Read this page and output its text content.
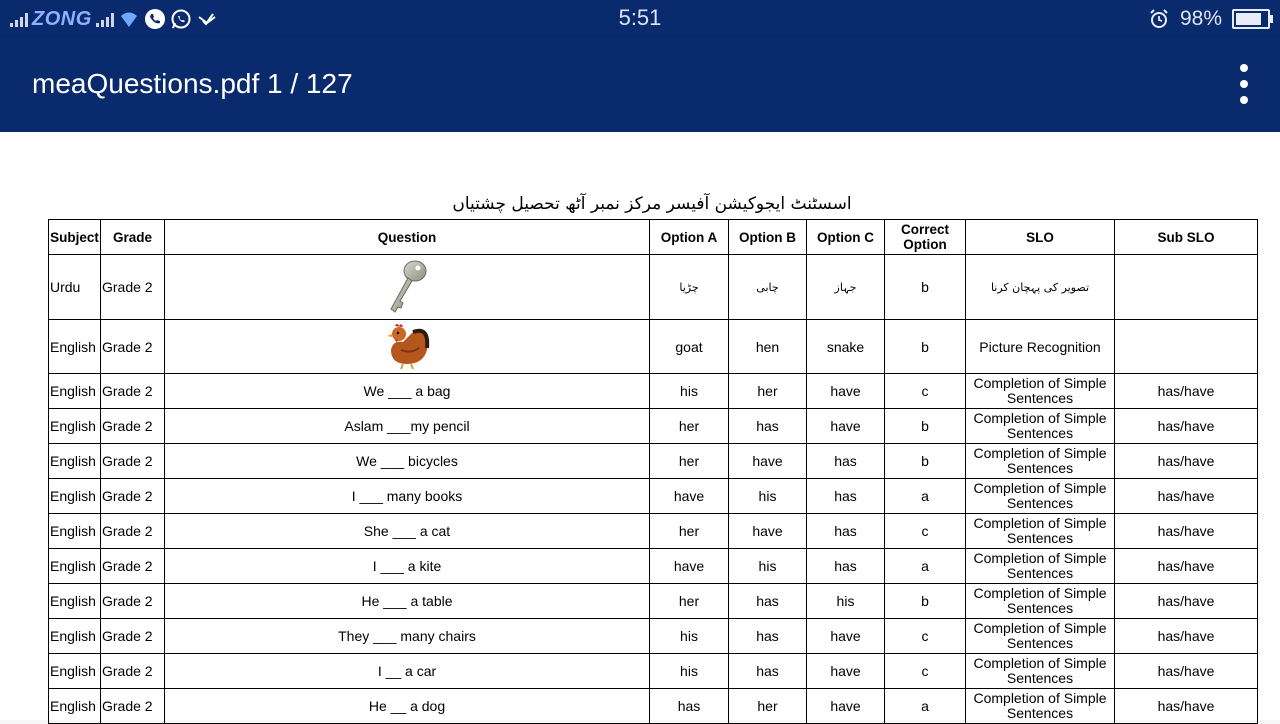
ZONG	5:51	98%
meaQuestions.pdf 1 / 127
اسسٹنٹ ایجوکیشن آفیسر مرکز نمبر آٹھ تحصیل چشتیاں
Subject	Grade	Question	Option A	Option B	Option C	Correct Option	SLO	Sub SLO
Urdu	Grade 2		چڑیا	چابی	جہاز	b	تصویر کی پہچان کرنا	
English	Grade 2		goat	hen	snake	b	Picture Recognition	
English	Grade 2	We ___ a bag	his	her	have	c	Completion of Simple Sentences	has/have
English	Grade 2	Aslam ___my pencil	her	has	have	b	Completion of Simple Sentences	has/have
English	Grade 2	We ___ bicycles	her	have	has	b	Completion of Simple Sentences	has/have
English	Grade 2	I ___ many books	have	his	has	a	Completion of Simple Sentences	has/have
English	Grade 2	She ___ a cat	her	have	has	c	Completion of Simple Sentences	has/have
English	Grade 2	I ___ a kite	have	his	has	a	Completion of Simple Sentences	has/have
English	Grade 2	He ___ a table	her	has	his	b	Completion of Simple Sentences	has/have
English	Grade 2	They ___ many chairs	his	has	have	c	Completion of Simple Sentences	has/have
English	Grade 2	I __ a car	his	has	have	c	Completion of Simple Sentences	has/have
English	Grade 2	He __ a dog	has	her	have	a	Completion of Simple Sentences	has/have
